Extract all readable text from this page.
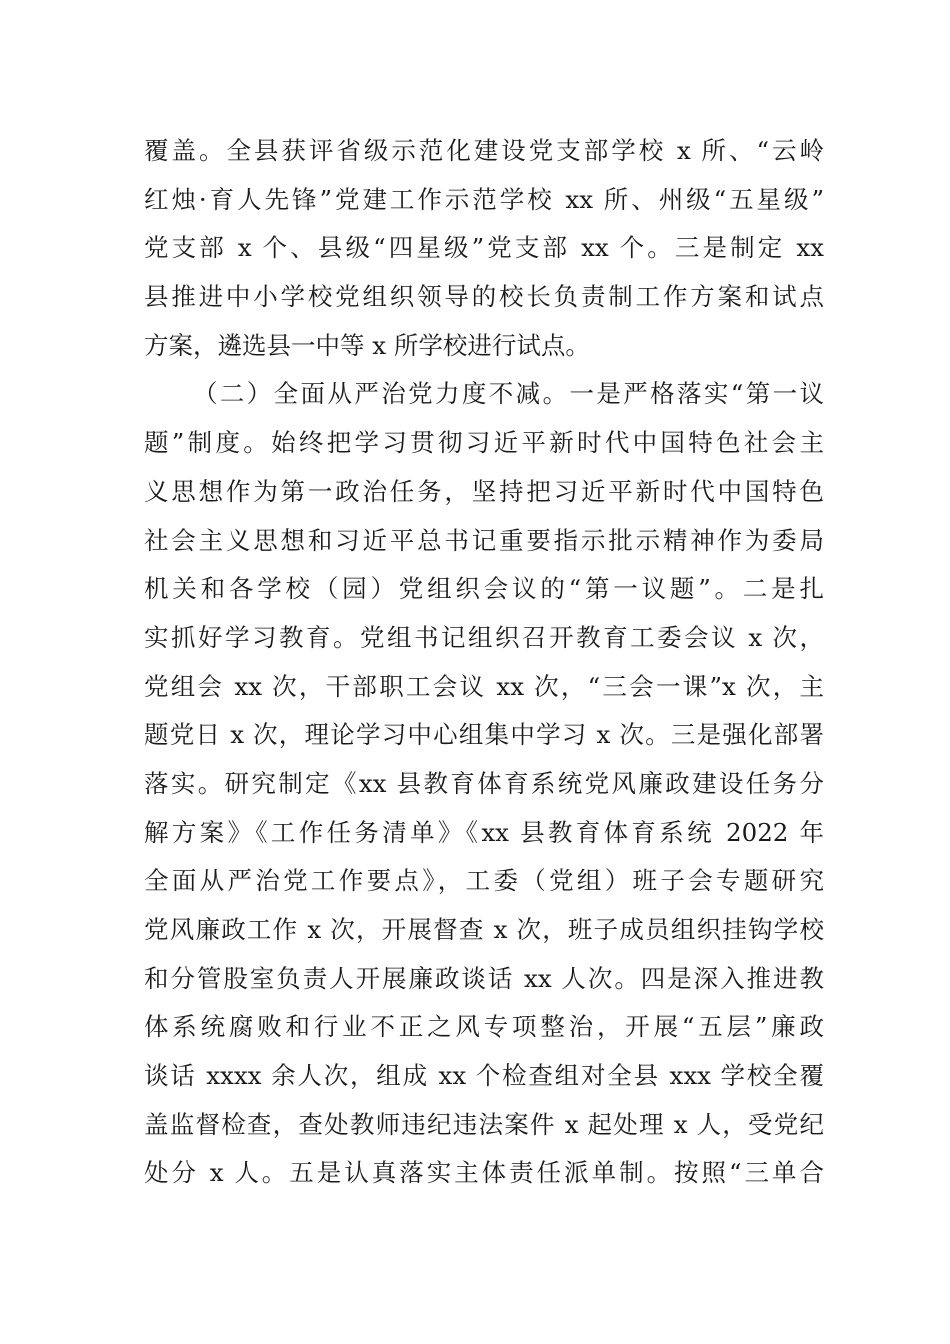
覆盖。全县获评省级示范化建设党支部学校 x 所、“云岭
红烛·育人先锋”党建工作示范学校 xx 所、州级“五星级”
党支部 x 个、县级“四星级”党支部 xx 个。三是制定 xx
县推进中小学校党组织领导的校长负责制工作方案和试点
方案，遴选县一中等 x 所学校进行试点。
（二）全面从严治党力度不减。一是严格落实“第一议
题”制度。始终把学习贯彻习近平新时代中国特色社会主
义思想作为第一政治任务，坚持把习近平新时代中国特色
社会主义思想和习近平总书记重要指示批示精神作为委局
机关和各学校（园）党组织会议的“第一议题”。二是扎
实抓好学习教育。党组书记组织召开教育工委会议 x 次，
党组会 xx 次，干部职工会议 xx 次，“三会一课”x 次，主
题党日 x 次，理论学习中心组集中学习 x 次。三是强化部署
落实。研究制定《xx 县教育体育系统党风廉政建设任务分
解方案》《工作任务清单》《xx 县教育体育系统 2022 年
全面从严治党工作要点》，工委（党组）班子会专题研究
党风廉政工作 x 次，开展督查 x 次，班子成员组织挂钩学校
和分管股室负责人开展廉政谈话 xx 人次。四是深入推进教
体系统腐败和行业不正之风专项整治，开展“五层”廉政
谈话 xxxx 余人次，组成 xx 个检查组对全县 xxx 学校全覆
盖监督检查，查处教师违纪违法案件 x 起处理 x 人，受党纪
处分 x 人。五是认真落实主体责任派单制。按照“三单合
